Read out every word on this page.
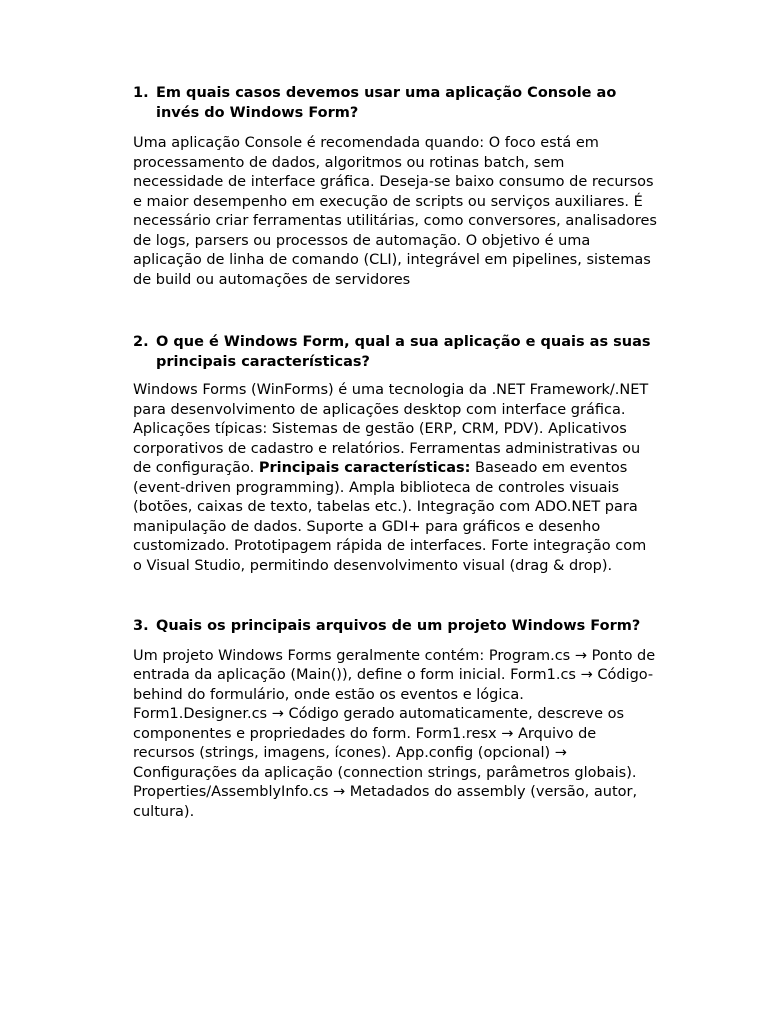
1. Em quais casos devemos usar uma aplicação Console ao invés do Windows Form?

Uma aplicação Console é recomendada quando: O foco está em processamento de dados, algoritmos ou rotinas batch, sem necessidade de interface gráfica. Deseja-se baixo consumo de recursos e maior desempenho em execução de scripts ou serviços auxiliares. É necessário criar ferramentas utilitárias, como conversores, analisadores de logs, parsers ou processos de automação. O objetivo é uma aplicação de linha de comando (CLI), integrável em pipelines, sistemas de build ou automações de servidores

2. O que é Windows Form, qual a sua aplicação e quais as suas principais características?

Windows Forms (WinForms) é uma tecnologia da .NET Framework/.NET para desenvolvimento de aplicações desktop com interface gráfica. Aplicações típicas: Sistemas de gestão (ERP, CRM, PDV). Aplicativos corporativos de cadastro e relatórios. Ferramentas administrativas ou de configuração. Principais características: Baseado em eventos (event-driven programming). Ampla biblioteca de controles visuais (botões, caixas de texto, tabelas etc.). Integração com ADO.NET para manipulação de dados. Suporte a GDI+ para gráficos e desenho customizado. Prototipagem rápida de interfaces. Forte integração com o Visual Studio, permitindo desenvolvimento visual (drag & drop).

3. Quais os principais arquivos de um projeto Windows Form?

Um projeto Windows Forms geralmente contém: Program.cs → Ponto de entrada da aplicação (Main()), define o form inicial. Form1.cs → Código-behind do formulário, onde estão os eventos e lógica. Form1.Designer.cs → Código gerado automaticamente, descreve os componentes e propriedades do form. Form1.resx → Arquivo de recursos (strings, imagens, ícones). App.config (opcional) → Configurações da aplicação (connection strings, parâmetros globais). Properties/AssemblyInfo.cs → Metadados do assembly (versão, autor, cultura).
